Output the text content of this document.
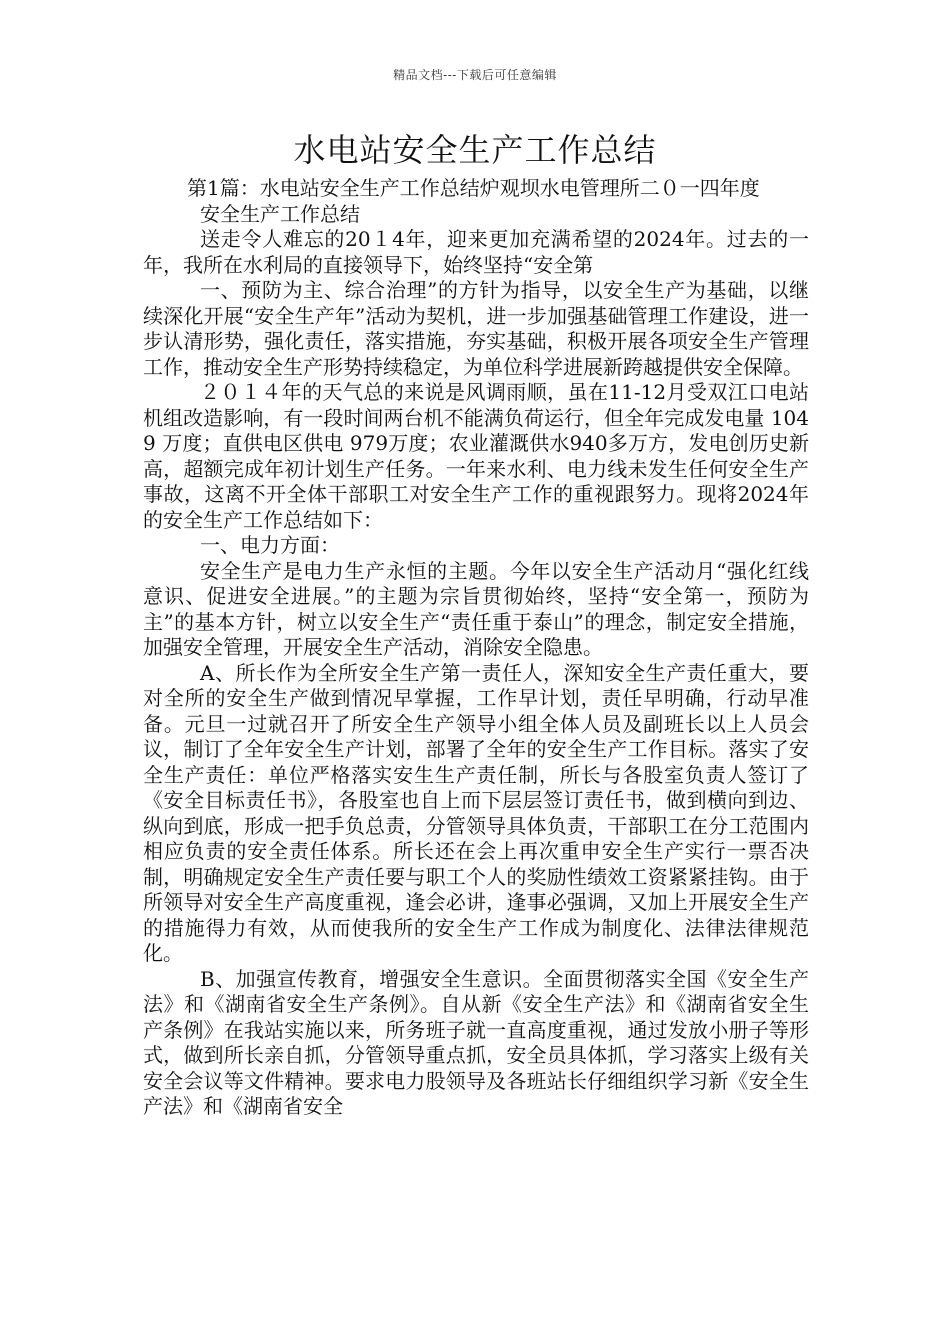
精品文档---下载后可任意编辑
水电站安全生产工作总结

第1篇：水电站安全生产工作总结炉观坝水电管理所二０一四年度

安全生产工作总结

送走令人难忘的20１4年，迎来更加充满希望的2024年。过去的一年，我所在水利局的直接领导下，始终坚持“安全第

一、预防为主、综合治理”的方针为指导，以安全生产为基础，以继续深化开展“安全生产年”活动为契机，进一步加强基础管理工作建设，进一步认清形势，强化责任，落实措施，夯实基础，积极开展各项安全生产管理工作，推动安全生产形势持续稳定，为单位科学进展新跨越提供安全保障。

２０１４年的天气总的来说是风调雨顺，虽在11-12月受双江口电站机组改造影响，有一段时间两台机不能满负荷运行，但全年完成发电量 1049 万度；直供电区供电 979万度；农业灌溉供水940多万方，发电创历史新高，超额完成年初计划生产任务。一年来水利、电力线未发生任何安全生产事故，这离不开全体干部职工对安全生产工作的重视跟努力。现将2024年的安全生产工作总结如下：

一、电力方面：

安全生产是电力生产永恒的主题。今年以安全生产活动月“强化红线意识、促进安全进展。”的主题为宗旨贯彻始终，坚持“安全第一，预防为主”的基本方针，树立以安全生产“责任重于泰山”的理念，制定安全措施，加强安全管理，开展安全生产活动，消除安全隐患。

A、所长作为全所安全生产第一责任人，深知安全生产责任重大，要对全所的安全生产做到情况早掌握，工作早计划，责任早明确，行动早准备。元旦一过就召开了所安全生产领导小组全体人员及副班长以上人员会议，制订了全年安全生产计划，部署了全年的安全生产工作目标。落实了安全生产责任：单位严格落实安生生产责任制，所长与各股室负责人签订了《安全目标责任书》，各股室也自上而下层层签订责任书，做到横向到边、纵向到底，形成一把手负总责，分管领导具体负责，干部职工在分工范围内相应负责的安全责任体系。所长还在会上再次重申安全生产实行一票否决制，明确规定安全生产责任要与职工个人的奖励性绩效工资紧紧挂钩。由于所领导对安全生产高度重视，逢会必讲，逢事必强调，又加上开展安全生产的措施得力有效，从而使我所的安全生产工作成为制度化、法律法律规范化。

B、加强宣传教育，增强安全生意识。全面贯彻落实全国《安全生产法》和《湖南省安全生产条例》。自从新《安全生产法》和《湖南省安全生产条例》在我站实施以来，所务班子就一直高度重视，通过发放小册子等形式，做到所长亲自抓，分管领导重点抓，安全员具体抓，学习落实上级有关安全会议等文件精神。要求电力股领导及各班站长仔细组织学习新《安全生产法》和《湖南省安全
